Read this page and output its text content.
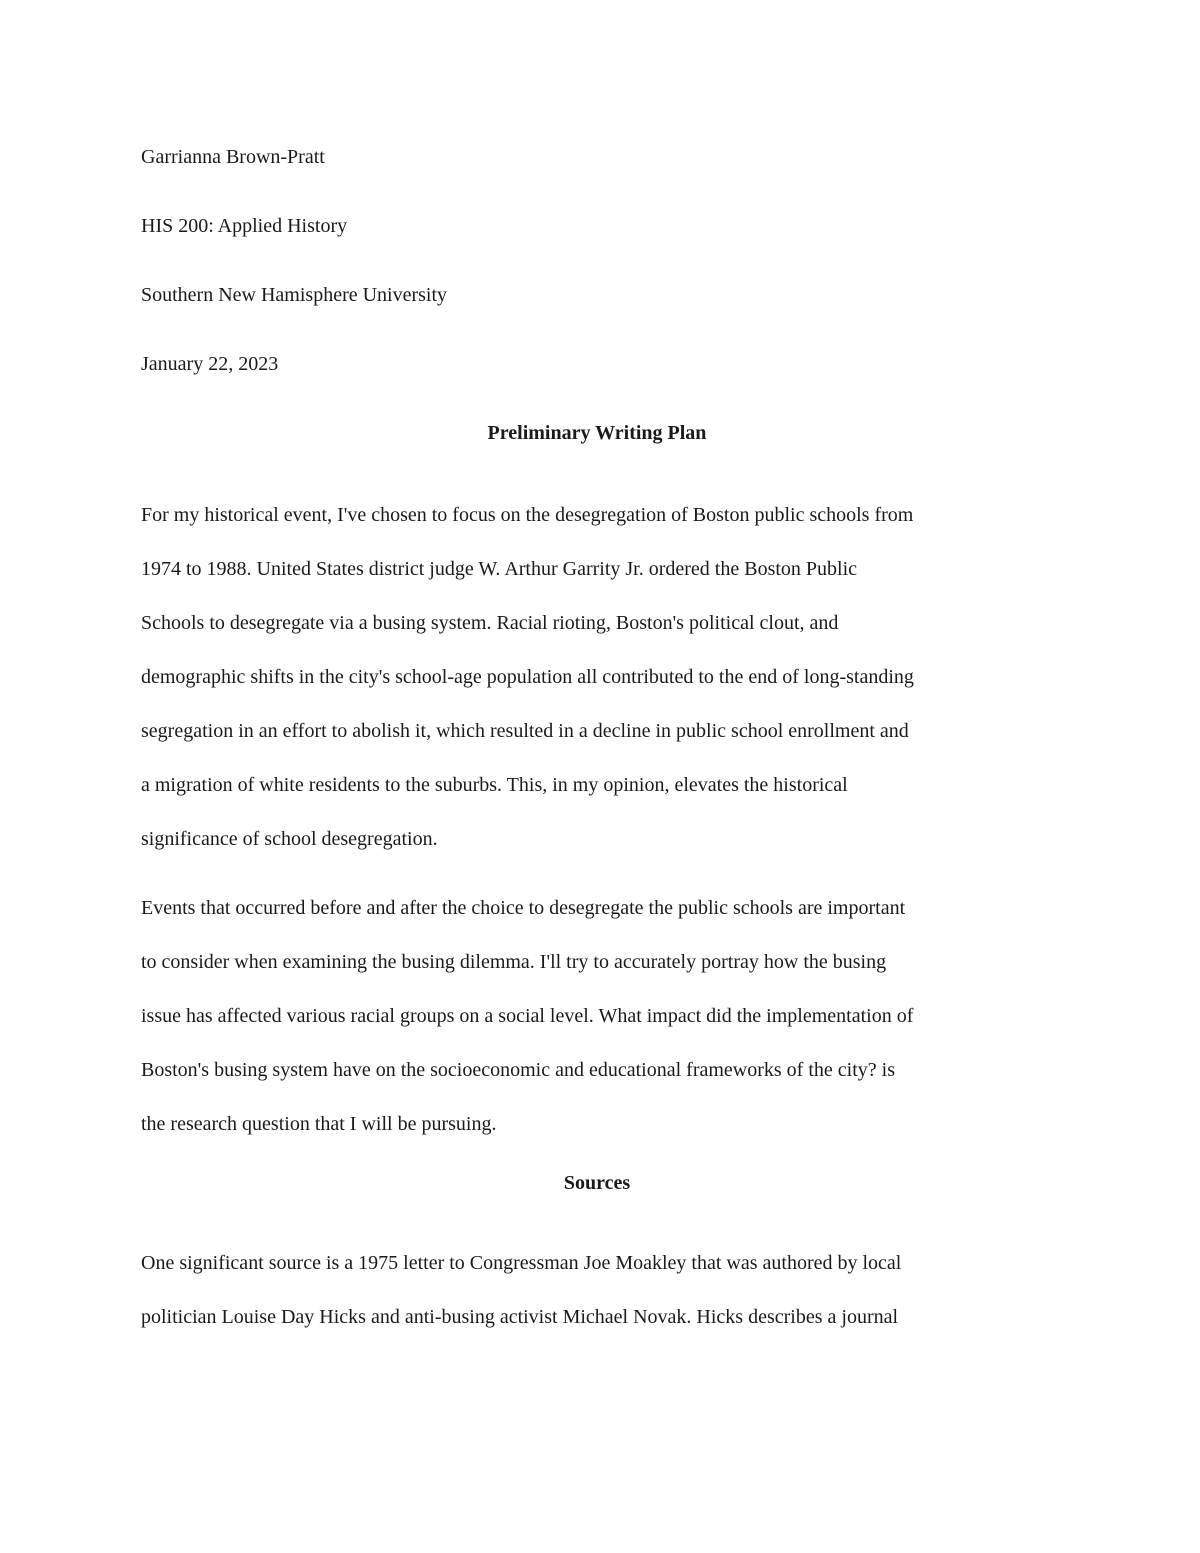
Garrianna Brown-Pratt

HIS 200: Applied History

Southern New Hamisphere University

January 22, 2023

Preliminary Writing Plan

For my historical event, I've chosen to focus on the desegregation of Boston public schools from
1974 to 1988. United States district judge W. Arthur Garrity Jr. ordered the Boston Public
Schools to desegregate via a busing system. Racial rioting, Boston's political clout, and
demographic shifts in the city's school-age population all contributed to the end of long-standing
segregation in an effort to abolish it, which resulted in a decline in public school enrollment and
a migration of white residents to the suburbs. This, in my opinion, elevates the historical
significance of school desegregation.

Events that occurred before and after the choice to desegregate the public schools are important
to consider when examining the busing dilemma. I'll try to accurately portray how the busing
issue has affected various racial groups on a social level. What impact did the implementation of
Boston's busing system have on the socioeconomic and educational frameworks of the city? is
the research question that I will be pursuing.

Sources

One significant source is a 1975 letter to Congressman Joe Moakley that was authored by local
politician Louise Day Hicks and anti-busing activist Michael Novak. Hicks describes a journal
